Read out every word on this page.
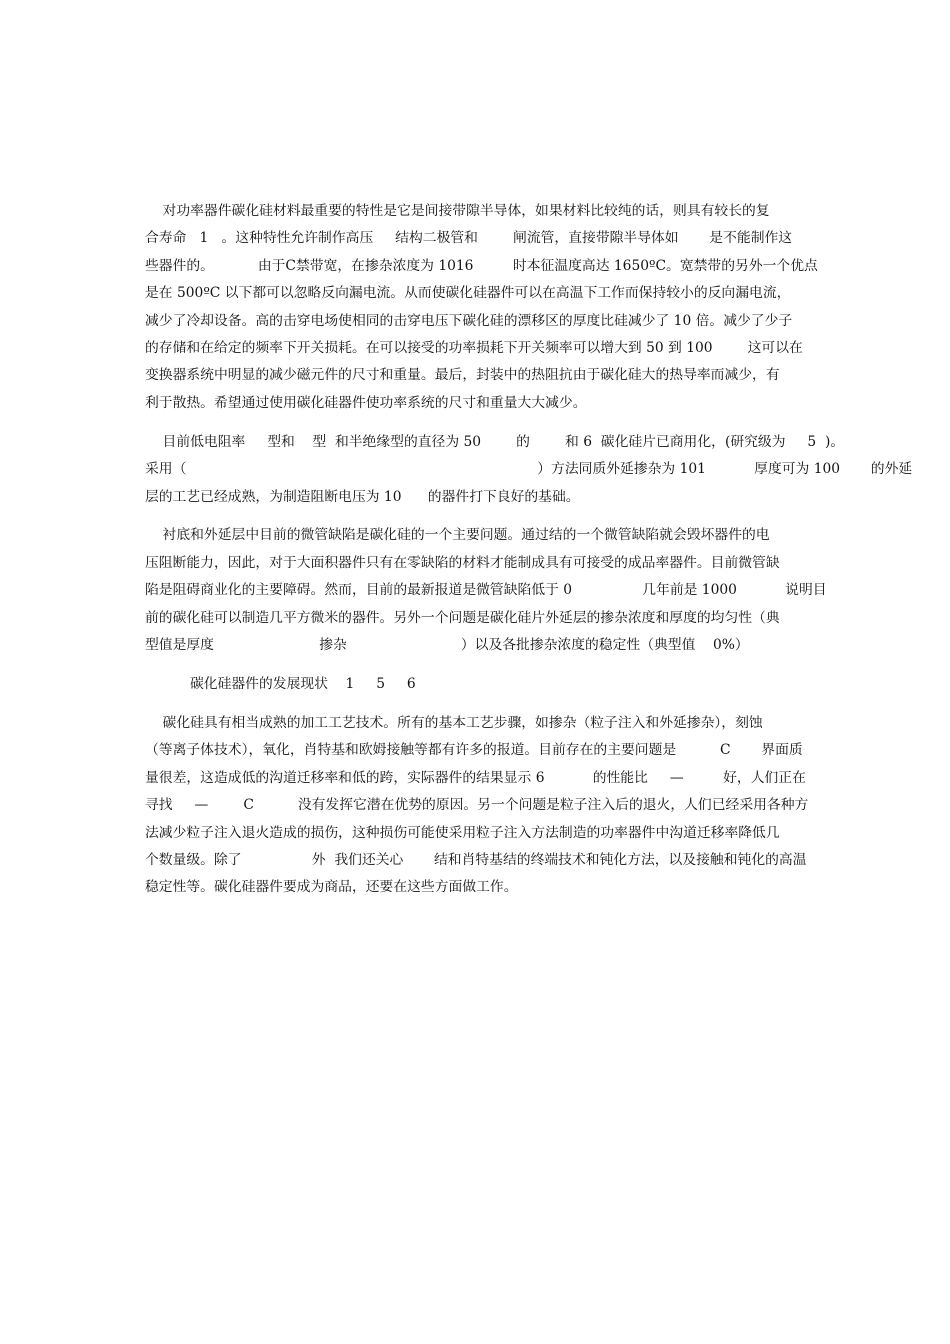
对功率器件碳化硅材料最重要的特性是它是间接带隙半导体，如果材料比较纯的话，则具有较长的复
合寿命   1   。这种特性允许制作高压     结构二极管和        闸流管，直接带隙半导体如       是不能制作这
些器件的。          由于C禁带宽，在掺杂浓度为 1016         时本征温度高达 1650ºC。宽禁带的另外一个优点
是在 500ºC 以下都可以忽略反向漏电流。从而使碳化硅器件可以在高温下工作而保持较小的反向漏电流，
减少了冷却设备。高的击穿电场使相同的击穿电压下碳化硅的漂移区的厚度比硅减少了 10 倍。减少了少子
的存储和在给定的频率下开关损耗。在可以接受的功率损耗下开关频率可以增大到 50 到 100        这可以在
变换器系统中明显的减少磁元件的尺寸和重量。最后，封装中的热阻抗由于碳化硅大的热导率而减少，有
利于散热。希望通过使用碳化硅器件使功率系统的尺寸和重量大大减少。
目前低电阻率     型和    型  和半绝缘型的直径为 50        的        和 6  碳化硅片已商用化，(研究级为     5  )。
采用（                                                                                ）方法同质外延掺杂为 101           厚度可为 100       的外延
层的工艺已经成熟，为制造阻断电压为 10      的器件打下良好的基础。
衬底和外延层中目前的微管缺陷是碳化硅的一个主要问题。通过结的一个微管缺陷就会毁坏器件的电
压阻断能力，因此，对于大面积器件只有在零缺陷的材料才能制成具有可接受的成品率器件。目前微管缺
陷是阻碍商业化的主要障碍。然而，目前的最新报道是微管缺陷低于 0                几年前是 1000           说明目
前的碳化硅可以制造几平方微米的器件。另外一个问题是碳化硅片外延层的掺杂浓度和厚度的均匀性（典
型值是厚度                        掺杂                          ）以及各批掺杂浓度的稳定性（典型值    0%）
碳化硅器件的发展现状    1     5     6
碳化硅具有相当成熟的加工工艺技术。所有的基本工艺步骤，如掺杂（粒子注入和外延掺杂），刻蚀
（等离子体技术），氧化，肖特基和欧姆接触等都有许多的报道。目前存在的主要问题是          C       界面质
量很差，这造成低的沟道迁移率和低的跨，实际器件的结果显示 6           的性能比     —         好，人们正在
寻找     —        C          没有发挥它潜在优势的原因。另一个问题是粒子注入后的退火，人们已经采用各种方
法减少粒子注入退火造成的损伤，这种损伤可能使采用粒子注入方法制造的功率器件中沟道迁移率降低几
个数量级。除了                外  我们还关心       结和肖特基结的终端技术和钝化方法，以及接触和钝化的高温
稳定性等。碳化硅器件要成为商品，还要在这些方面做工作。
